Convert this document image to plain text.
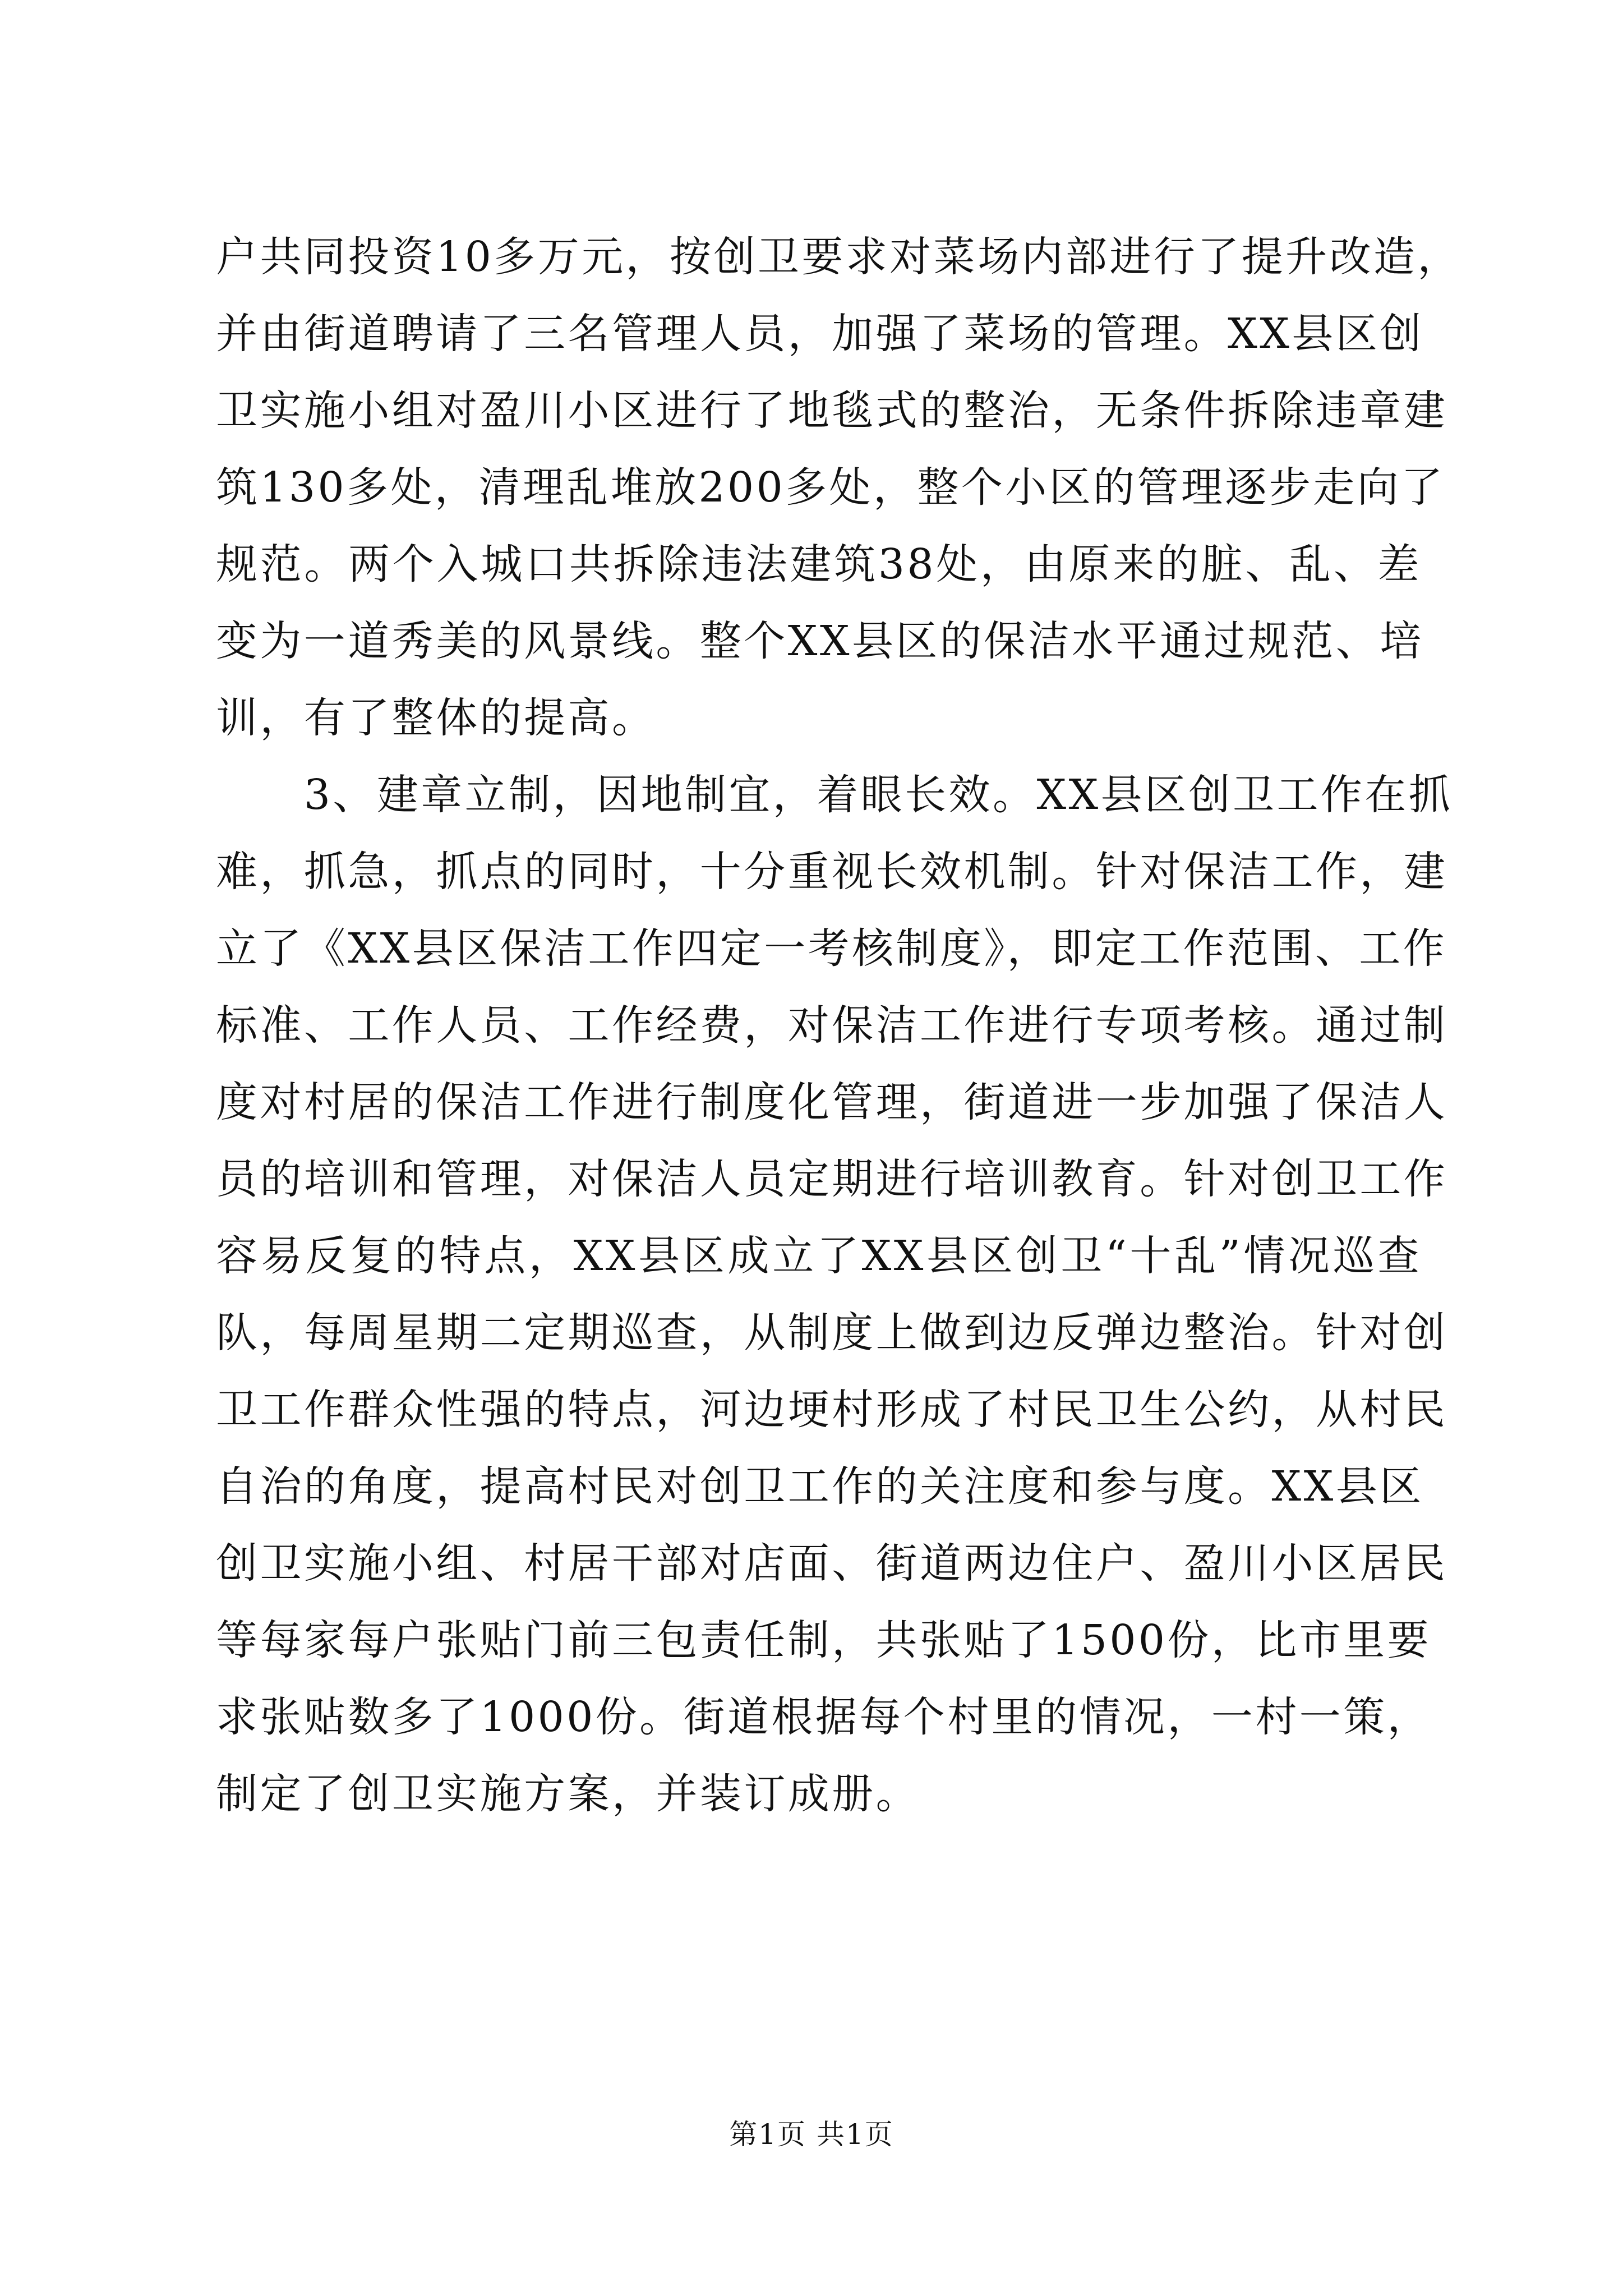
户共同投资10多万元，按创卫要求对菜场内部进行了提升改造，
并由街道聘请了三名管理人员，加强了菜场的管理。XX县区创
卫实施小组对盈川小区进行了地毯式的整治，无条件拆除违章建
筑130多处，清理乱堆放200多处，整个小区的管理逐步走向了
规范。两个入城口共拆除违法建筑38处，由原来的脏、乱、差
变为一道秀美的风景线。整个XX县区的保洁水平通过规范、培
训，有了整体的提高。
　　3、建章立制，因地制宜，着眼长效。XX县区创卫工作在抓
难，抓急，抓点的同时，十分重视长效机制。针对保洁工作，建
立了《XX县区保洁工作四定一考核制度》，即定工作范围、工作
标准、工作人员、工作经费，对保洁工作进行专项考核。通过制
度对村居的保洁工作进行制度化管理，街道进一步加强了保洁人
员的培训和管理，对保洁人员定期进行培训教育。针对创卫工作
容易反复的特点，XX县区成立了XX县区创卫“十乱”情况巡查
队，每周星期二定期巡查，从制度上做到边反弹边整治。针对创
卫工作群众性强的特点，河边埂村形成了村民卫生公约，从村民
自治的角度，提高村民对创卫工作的关注度和参与度。XX县区
创卫实施小组、村居干部对店面、街道两边住户、盈川小区居民
等每家每户张贴门前三包责任制，共张贴了1500份，比市里要
求张贴数多了1000份。街道根据每个村里的情况，一村一策，
制定了创卫实施方案，并装订成册。
第1页 共1页
